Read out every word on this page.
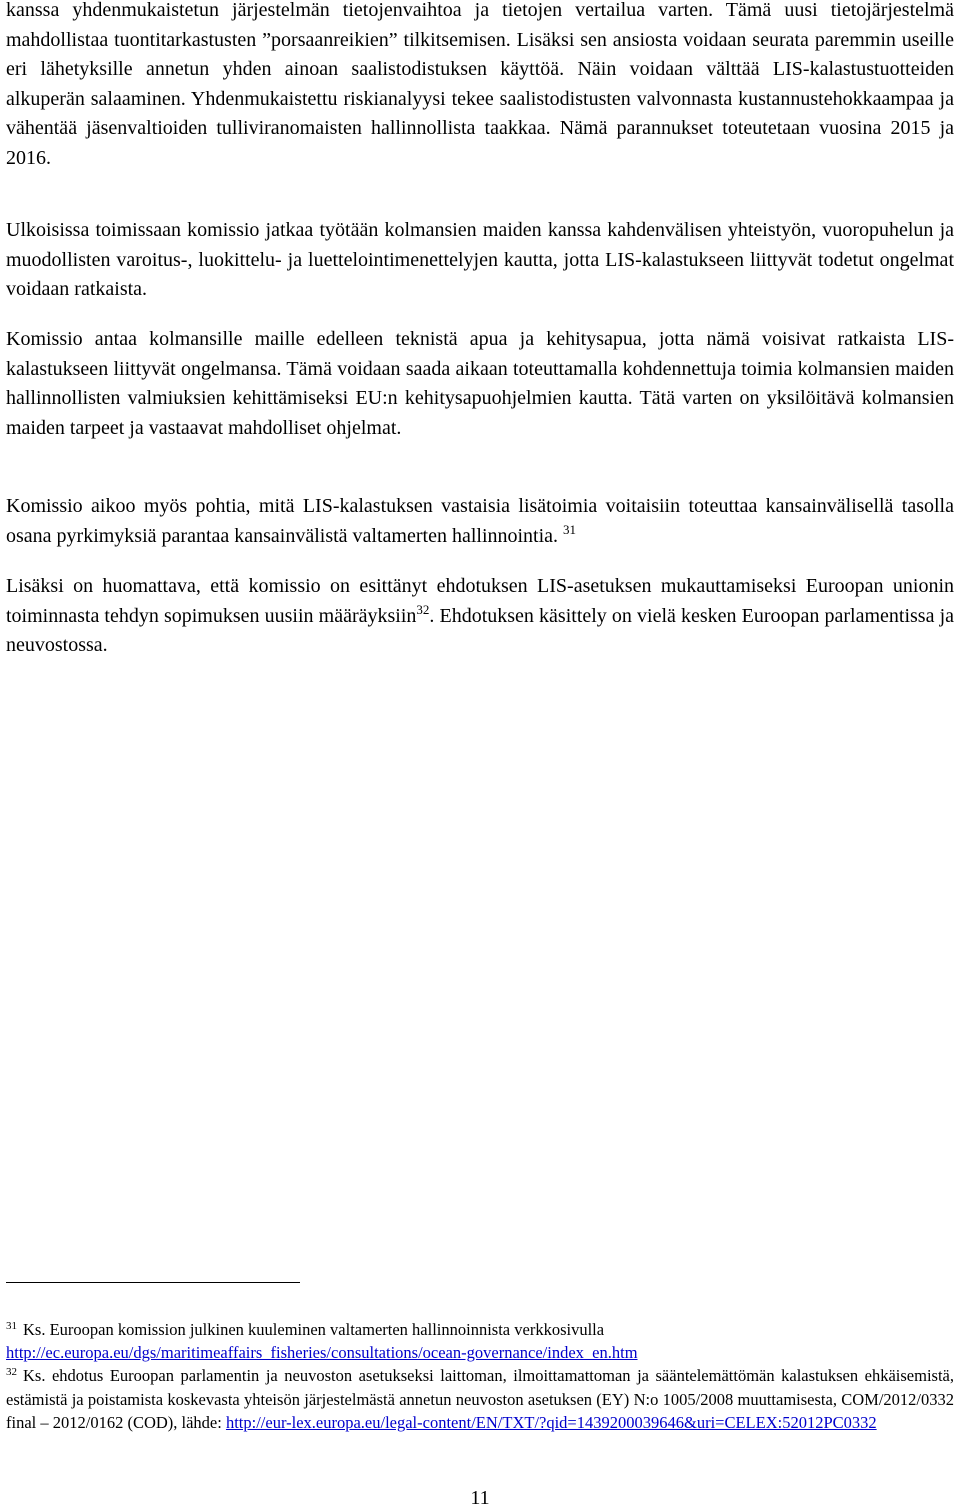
kanssa yhdenmukaistetun järjestelmän tietojenvaihtoa ja tietojen vertailua varten. Tämä uusi tietojärjestelmä mahdollistaa tuontitarkastusten ”porsaanreikien” tilkitsemisen. Lisäksi sen ansiosta voidaan seurata paremmin useille eri lähetyksille annetun yhden ainoan saalistodistuksen käyttöä. Näin voidaan välttää LIS-kalastustuotteiden alkuperän salaaminen. Yhdenmukaistettu riskianalyysi tekee saalistodistusten valvonnasta kustannustehokkaampaa ja vähentää jäsenvaltioiden tulliviranomaisten hallinnollista taakkaa. Nämä parannukset toteutetaan vuosina 2015 ja 2016.

Ulkoisissa toimissaan komissio jatkaa työtään kolmansien maiden kanssa kahdenvälisen yhteistyön, vuoropuhelun ja muodollisten varoitus-, luokittelu- ja luettelointimenettelyjen kautta, jotta LIS-kalastukseen liittyvät todetut ongelmat voidaan ratkaista.

Komissio antaa kolmansille maille edelleen teknistä apua ja kehitysapua, jotta nämä voisivat ratkaista LIS-kalastukseen liittyvät ongelmansa. Tämä voidaan saada aikaan toteuttamalla kohdennettuja toimia kolmansien maiden hallinnollisten valmiuksien kehittämiseksi EU:n kehitysapuohjelmien kautta. Tätä varten on yksilöitävä kolmansien maiden tarpeet ja vastaavat mahdolliset ohjelmat.

Komissio aikoo myös pohtia, mitä LIS-kalastuksen vastaisia lisätoimia voitaisiin toteuttaa kansainvälisellä tasolla osana pyrkimyksiä parantaa kansainvälistä valtamerten hallinnointia. $^{31}$

Lisäksi on huomattava, että komissio on esittänyt ehdotuksen LIS-asetuksen mukauttamiseksi Euroopan unionin toiminnasta tehdyn sopimuksen uusiin määräyksiin$^{32}$. Ehdotuksen käsittely on vielä kesken Euroopan parlamentissa ja neuvostossa.

$^{31}$ Ks. Euroopan komission julkinen kuuleminen valtamerten hallinnoinnista verkkosivulla
http://ec.europa.eu/dgs/maritimeaffairs_fisheries/consultations/ocean-governance/index_en.htm

$^{32}$ Ks. ehdotus Euroopan parlamentin ja neuvoston asetukseksi laittoman, ilmoittamattoman ja sääntelemättömän kalastuksen ehkäisemistä, estämistä ja poistamista koskevasta yhteisön järjestelmästä annetun neuvoston asetuksen (EY) N:o 1005/2008 muuttamisesta, COM/2012/0332 final – 2012/0162 (COD), lähde: http://eur-lex.europa.eu/legal-content/EN/TXT/?qid=1439200039646&uri=CELEX:52012PC0332

11
